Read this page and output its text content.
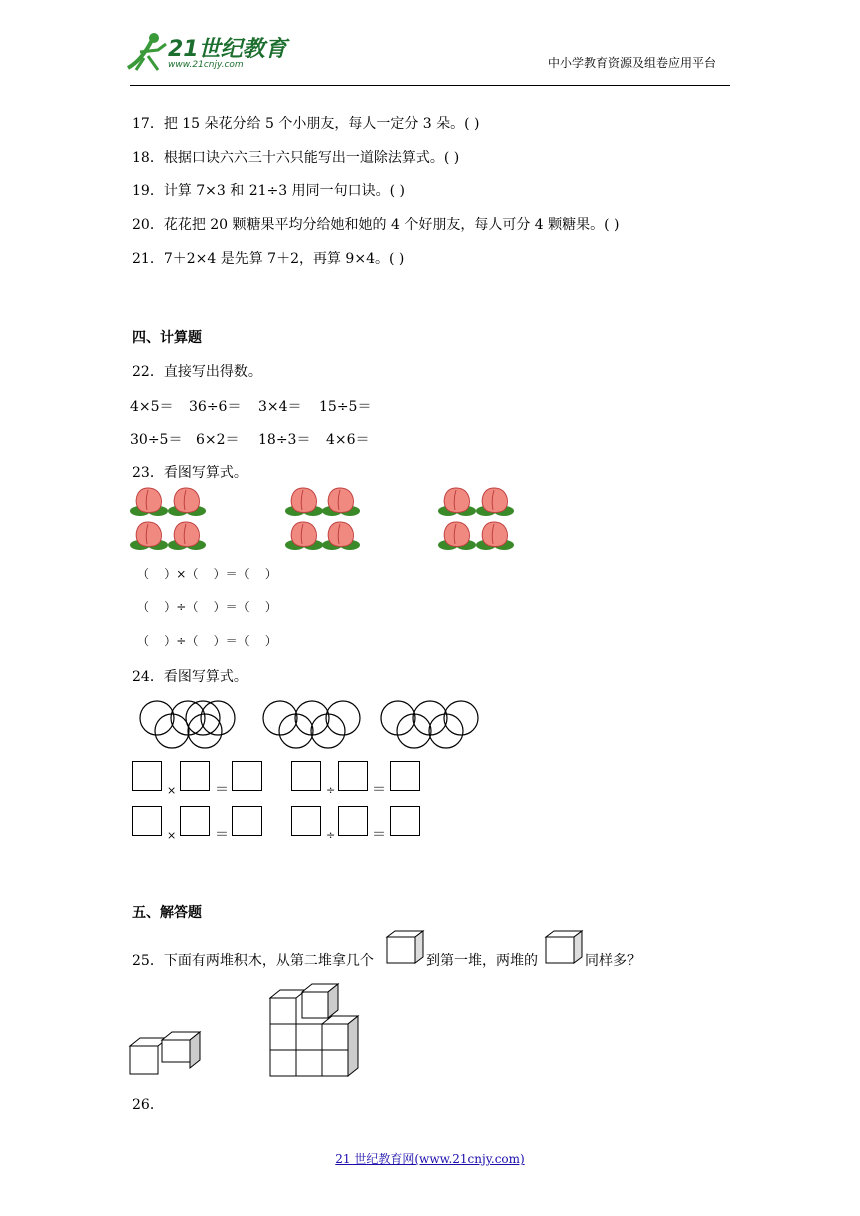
21世纪教育
www.21cnjy.com	中小学教育资源及组卷应用平台
17．把 15 朵花分给 5 个小朋友，每人一定分 3 朵。( )
18．根据口诀六六三十六只能写出一道除法算式。( )
19．计算 7×3 和 21÷3 用同一句口诀。( )
20．花花把 20 颗糖果平均分给她和她的 4 个好朋友，每人可分 4 颗糖果。( )
21．7＋2×4 是先算 7＋2，再算 9×4。( )
四、计算题
22．直接写出得数。
4×5＝ 36÷6＝ 3×4＝ 15÷5＝
30÷5＝ 6×2＝ 18÷3＝ 4×6＝
23．看图写算式。
（    ）×（    ）＝（    ）
（    ）÷（    ）＝（    ）
（    ）÷（    ）＝（    ）
24．看图写算式。
×	＝	÷	＝
×	＝	÷	＝
五、解答题
25．下面有两堆积木，从第二堆拿几个	到第一堆，两堆的	同样多？
26．
21 世纪教育网(www.21cnjy.com)
